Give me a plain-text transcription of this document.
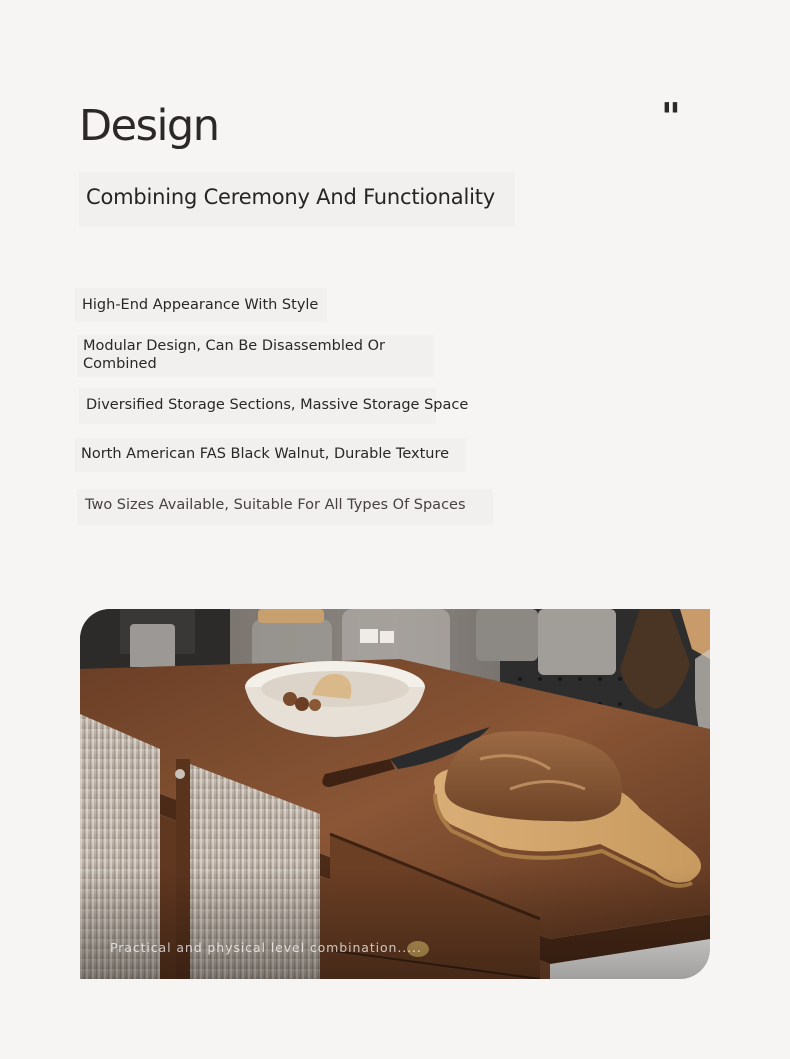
Design	"
Combining Ceremony And Functionality
High-End Appearance With Style
Modular Design, Can Be Disassembled Or Combined
Diversified Storage Sections, Massive Storage Space
North American FAS Black Walnut, Durable Texture
Two Sizes Available, Suitable For All Types Of Spaces
Practical and physical level combination.....
